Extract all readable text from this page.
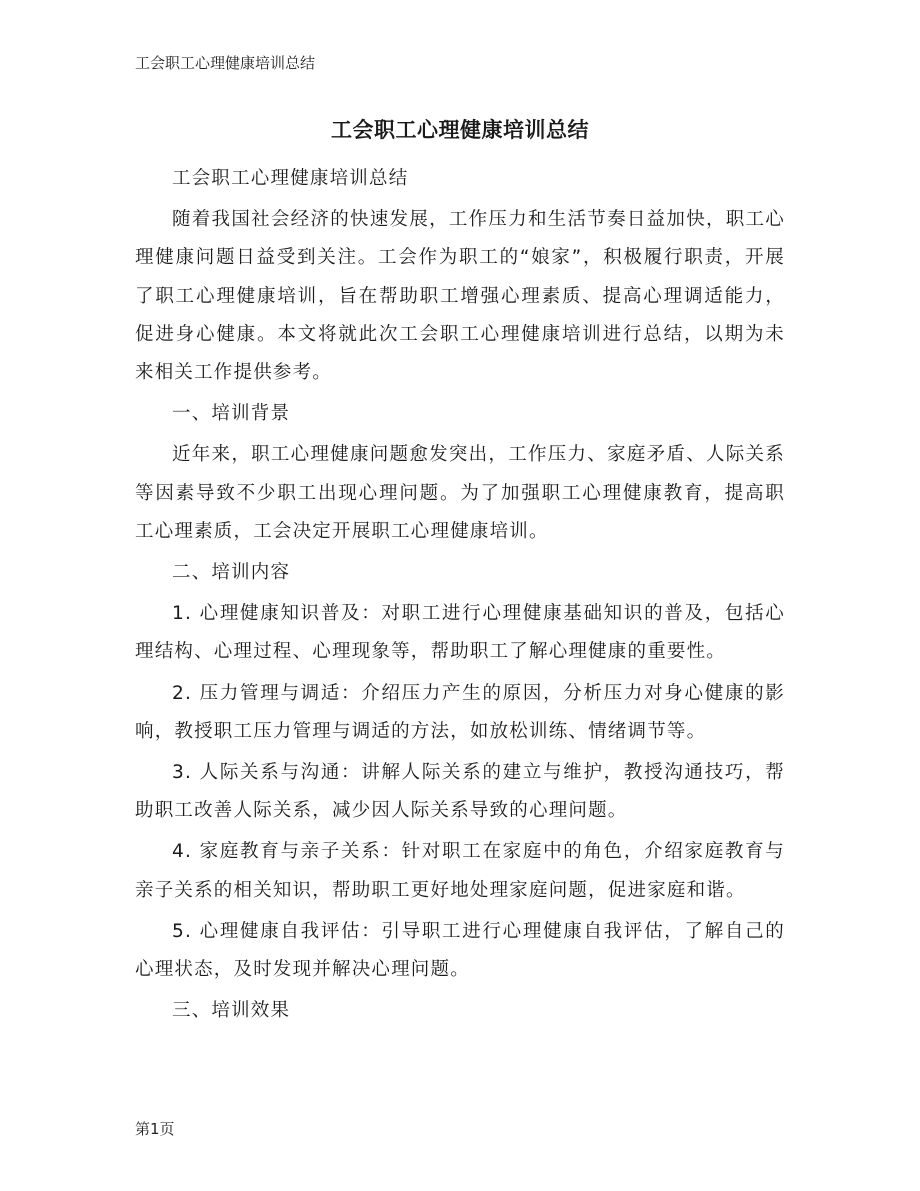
工会职工心理健康培训总结
工会职工心理健康培训总结

工会职工心理健康培训总结

随着我国社会经济的快速发展，工作压力和生活节奏日益加快，职工心理健康问题日益受到关注。工会作为职工的“娘家”，积极履行职责，开展了职工心理健康培训，旨在帮助职工增强心理素质、提高心理调适能力，促进身心健康。本文将就此次工会职工心理健康培训进行总结，以期为未来相关工作提供参考。

一、培训背景

近年来，职工心理健康问题愈发突出，工作压力、家庭矛盾、人际关系等因素导致不少职工出现心理问题。为了加强职工心理健康教育，提高职工心理素质，工会决定开展职工心理健康培训。

二、培训内容

1. 心理健康知识普及：对职工进行心理健康基础知识的普及，包括心理结构、心理过程、心理现象等，帮助职工了解心理健康的重要性。

2. 压力管理与调适：介绍压力产生的原因，分析压力对身心健康的影响，教授职工压力管理与调适的方法，如放松训练、情绪调节等。

3. 人际关系与沟通：讲解人际关系的建立与维护，教授沟通技巧，帮助职工改善人际关系，减少因人际关系导致的心理问题。

4. 家庭教育与亲子关系：针对职工在家庭中的角色，介绍家庭教育与亲子关系的相关知识，帮助职工更好地处理家庭问题，促进家庭和谐。

5. 心理健康自我评估：引导职工进行心理健康自我评估，了解自己的心理状态，及时发现并解决心理问题。

三、培训效果

第1页
